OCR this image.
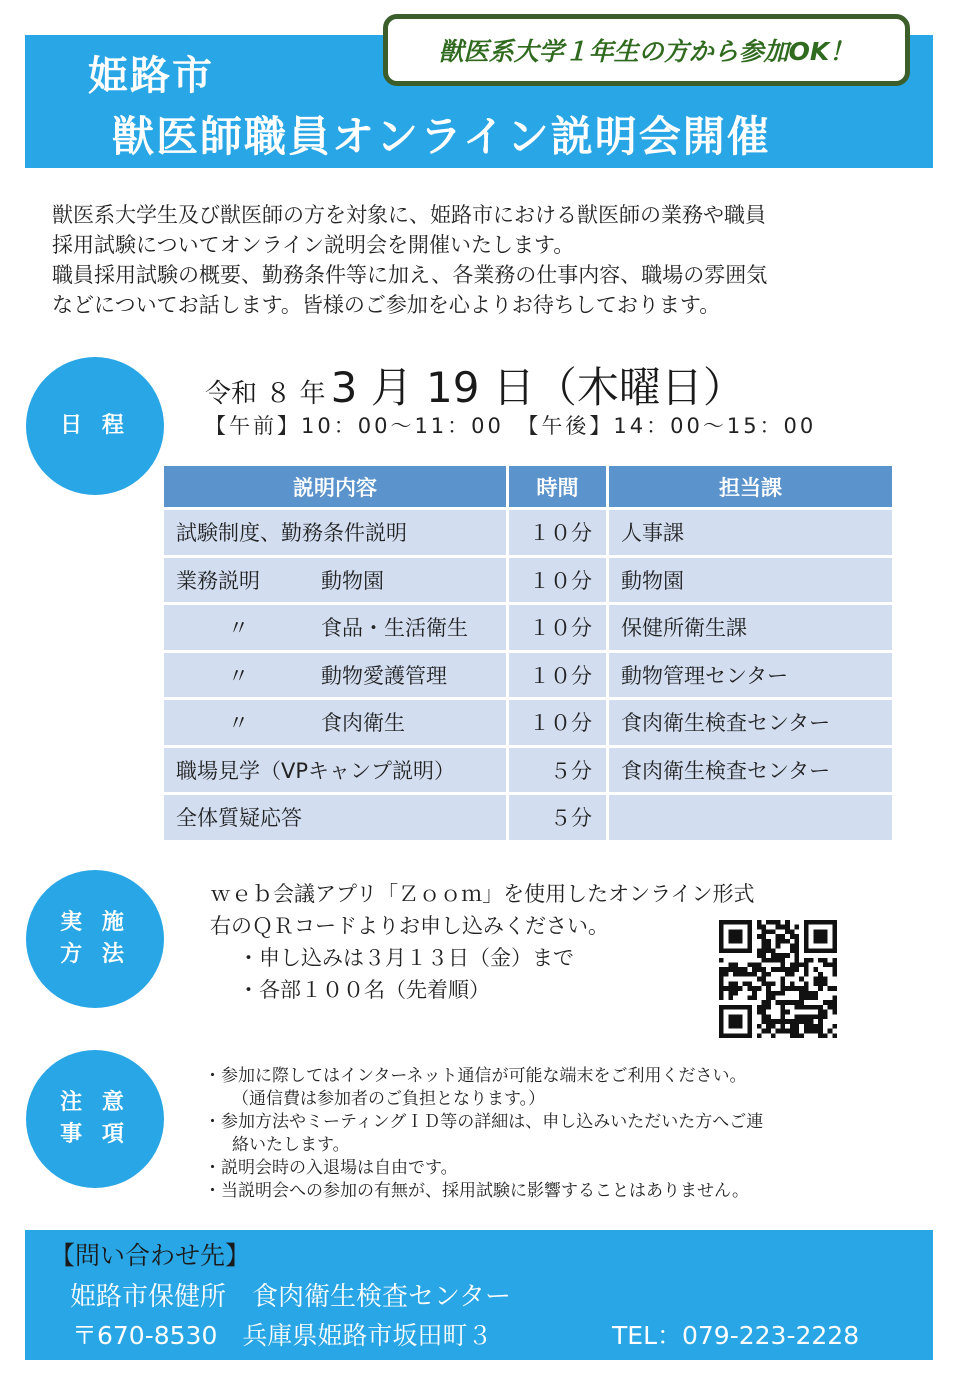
姫路市
獣医師職員オンライン説明会開催
獣医系大学１年生の方から参加OK！

獣医系大学生及び獣医師の方を対象に、姫路市における獣医師の業務や職員

採用試験についてオンライン説明会を開催いたします。

職員採用試験の概要、勤務条件等に加え、各業務の仕事内容、職場の雰囲気

などについてお話します。皆様のご参加を心よりお待ちしております。

日 程
令和 ８ 年 3 月 19 日（木曜日）
【午前】10：00～11：00　【午後】14：00～15：00
説明内容	時間	担当課
試験制度、勤務条件説明	１０分	人事課
業務説明 動物園	１０分	動物園
〃 食品・生活衛生	１０分	保健所衛生課
〃 動物愛護管理	１０分	動物管理センター
〃 食肉衛生	１０分	食肉衛生検査センター
職場見学（VPキャンプ説明）	５分	食肉衛生検査センター
全体質疑応答	５分	
実 施
方 法

ｗｅｂ会議アプリ「Ｚｏｏｍ」を使用したオンライン形式

右のＱＲコードよりお申し込みください。

・申し込みは３月１３日（金）まで

・各部１００名（先着順）

注 意
事 項

・参加に際してはインターネット通信が可能な端末をご利用ください。

（通信費は参加者のご負担となります。）

・参加方法やミーティングＩＤ等の詳細は、申し込みいただいた方へご連

絡いたします。

・説明会時の入退場は自由です。

・当説明会への参加の有無が、採用試験に影響することはありません。

【問い合わせ先】
姫路市保健所　食肉衛生検査センター
〒670-8530　兵庫県姫路市坂田町３	TEL：079-223-2228
